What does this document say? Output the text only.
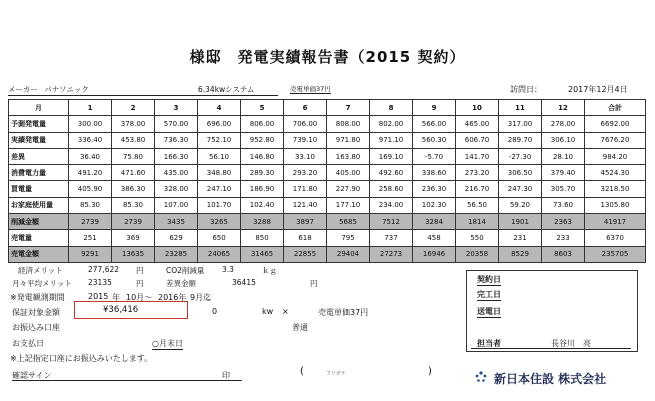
様邸　発電実績報告書（2015 契約）
メーカー パナソニック	6.34kwシステム	売電単価37円	訪問日：	2017年12月4日
月	1	2	3	4	5	6	7	8	9	10	11	12	合計
予測発電量	300.00	378.00	570.00	696.00	806.00	706.00	808.00	802.00	566.00	465.00	317.00	278.00	6692.00
実績発電量	336.40	453.80	736.30	752.10	952.80	739.10	971.80	971.10	560.30	606.70	289.70	306.10	7676.20
差異	36.40	75.80	166.30	56.10	146.80	33.10	163.80	169.10	-5.70	141.70	-27.30	28.10	984.20
消費電力量	491.20	471.60	435.00	348.80	289.30	293.20	405.00	492.60	338.60	273.20	306.50	379.40	4524.30
買電量	405.90	386.30	328.00	247.10	186.90	171.80	227.90	258.60	236.30	216.70	247.30	305.70	3218.50
お家庭使用量	85.30	85.30	107.00	101.70	102.40	121.40	177.10	234.00	102.30	56.50	59.20	73.60	1305.80
削減金額	2739	2739	3435	3265	3288	3897	5685	7512	3284	1814	1901	2363	41917
売電量	251	369	629	650	850	618	795	737	458	550	231	233	6370
売電金額	9291	13635	23285	24065	31465	22855	29404	27273	16946	20358	8529	8603	235705
経済メリット	277,622 円	CO2削減量 3.3	ｋｇ
月々平均メリット 23135	円	差異金額	36415	円
※発電観測期間	2015 年 10月～ 2016年 9月迄
保証対象金額	¥36,416	0	kw ×	売電単価37円
お振込み口座	普通
お支払日	○月末日
※上記指定口座にお振込みいたします。
確認サイン	印	(	フリガナ	)
契約日
完工日
送電日
担当者	長谷川　亮
新日本住設 株式会社
